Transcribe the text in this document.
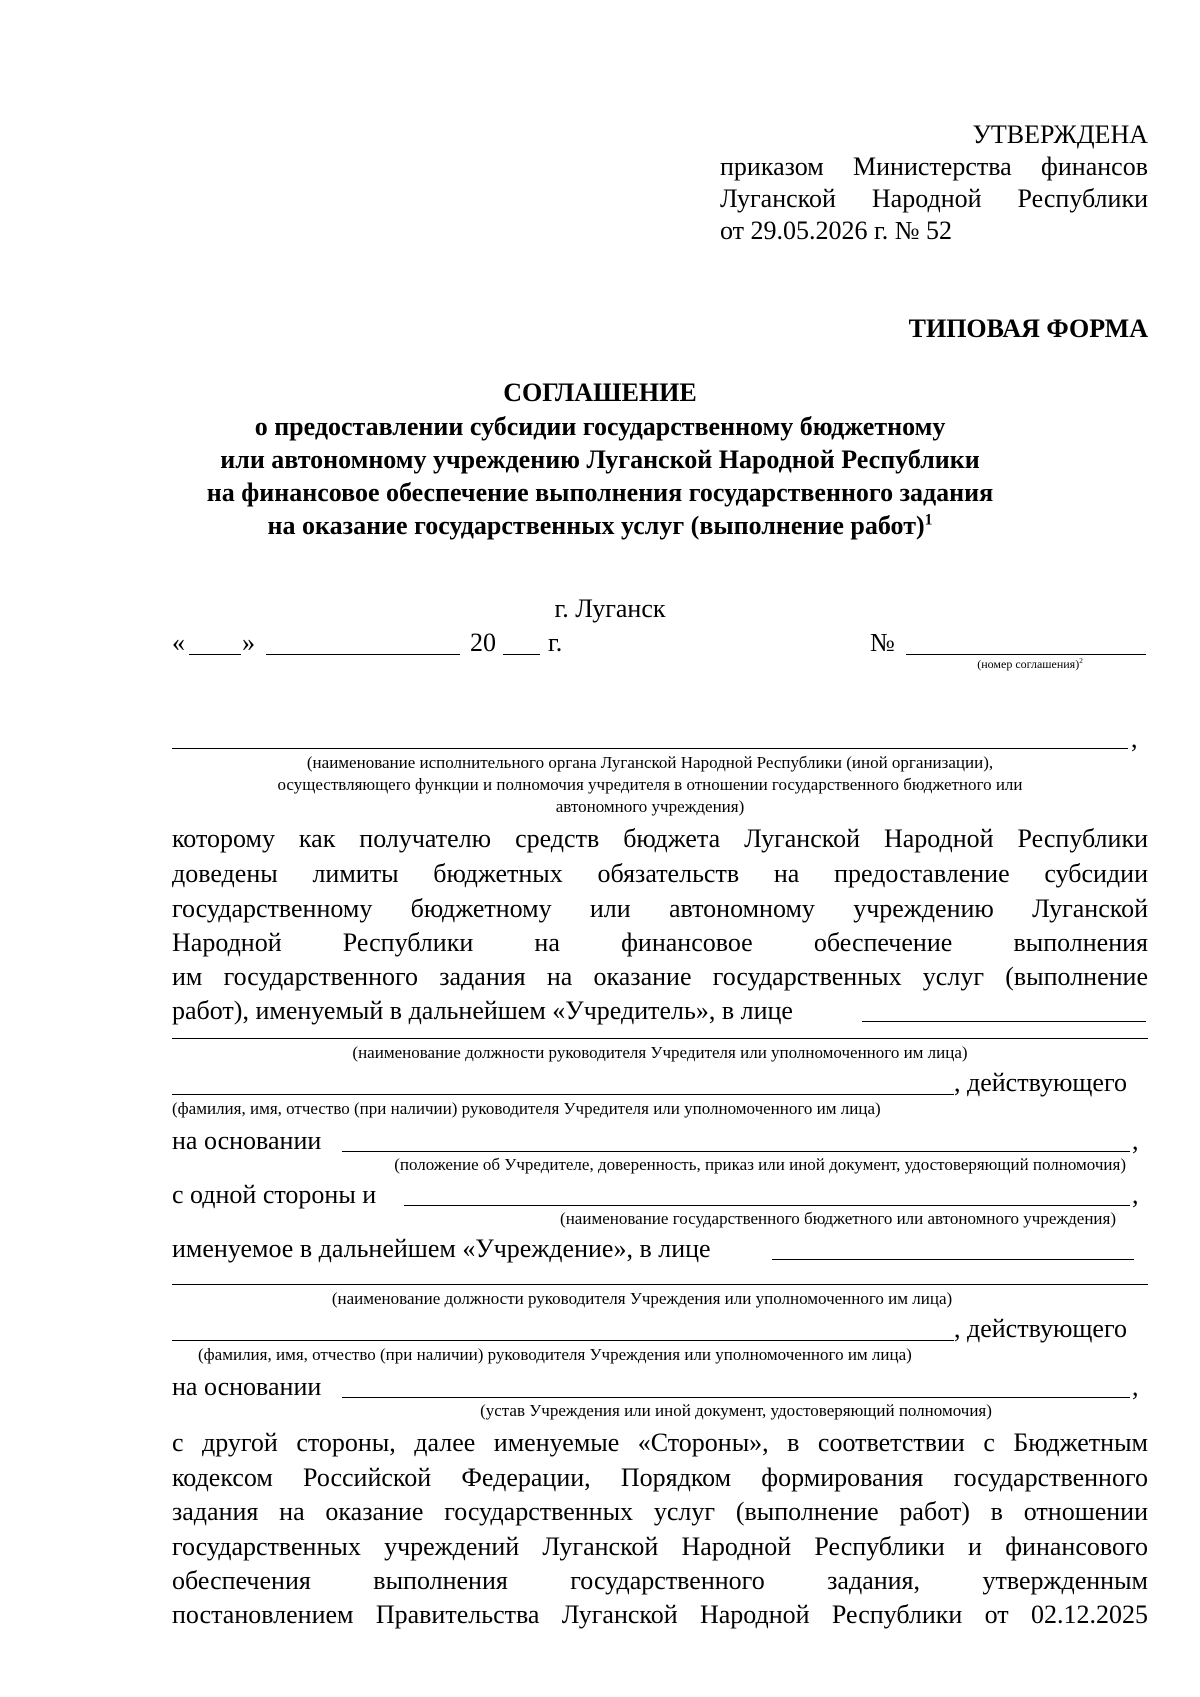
УТВЕРЖДЕНА
приказом Министерства финансов
Луганской Народной Республики
от 29.05.2026 г. № 52
ТИПОВАЯ ФОРМА
СОГЛАШЕНИЕ
о предоставлении субсидии государственному бюджетному
или автономному учреждению Луганской Народной Республики
на финансовое обеспечение выполнения государственного задания
на оказание государственных услуг (выполнение работ)$^1$
г. Луганск
« »	20 г.	№
(номер соглашения)$^2$
,
(наименование исполнительного органа Луганской Народной Республики (иной организации),
осуществляющего функции и полномочия учредителя в отношении государственного бюджетного или
автономного учреждения)
которому как получателю средств бюджета Луганской Народной Республики
доведены лимиты бюджетных обязательств на предоставление субсидии
государственному бюджетному или автономному учреждению Луганской
Народной Республики на финансовое обеспечение выполнения
им государственного задания на оказание государственных услуг (выполнение
работ), именуемый в дальнейшем «Учредитель», в лице
(наименование должности руководителя Учредителя или уполномоченного им лица)
, действующего
(фамилия, имя, отчество (при наличии) руководителя Учредителя или уполномоченного им лица)
на основании	,
(положение об Учредителе, доверенность, приказ или иной документ, удостоверяющий полномочия)
с одной стороны и	,
(наименование государственного бюджетного или автономного учреждения)
именуемое в дальнейшем «Учреждение», в лице
(наименование должности руководителя Учреждения или уполномоченного им лица)
, действующего
(фамилия, имя, отчество (при наличии) руководителя Учреждения или уполномоченного им лица)
на основании	,
(устав Учреждения или иной документ, удостоверяющий полномочия)
с другой стороны, далее именуемые «Стороны», в соответствии с Бюджетным
кодексом Российской Федерации, Порядком формирования государственного
задания на оказание государственных услуг (выполнение работ) в отношении
государственных учреждений Луганской Народной Республики и финансового
обеспечения выполнения государственного задания, утвержденным
постановлением Правительства Луганской Народной Республики от 02.12.2025
